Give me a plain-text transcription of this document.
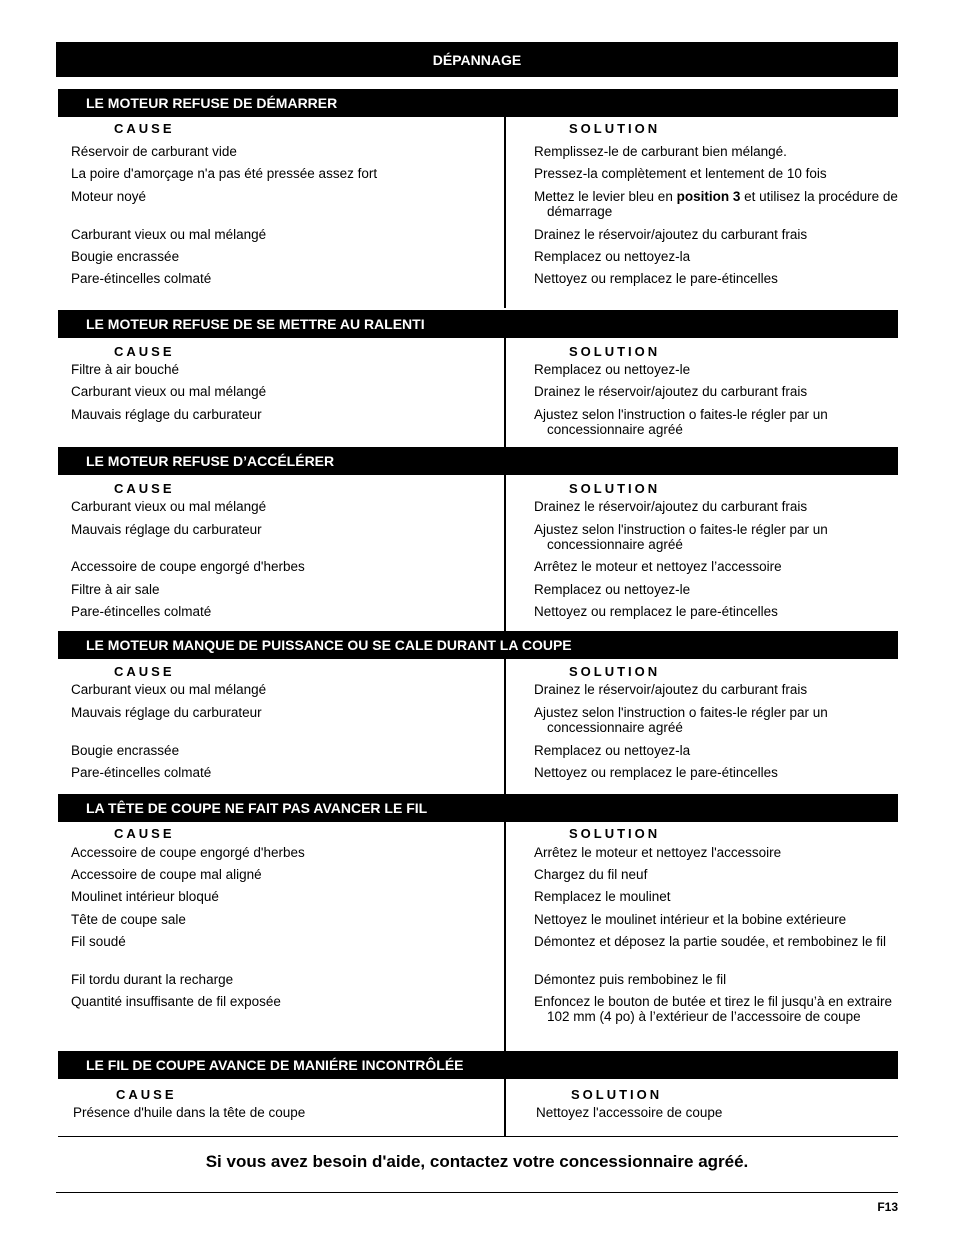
DÉPANNAGE
LE MOTEUR REFUSE DE DÉMARRER
CAUSE	SOLUTION
Réservoir de carburant vide	Remplissez-le de carburant bien mélangé.
La poire d'amorçage n'a pas été pressée assez fort	Pressez-la complètement et lentement de 10 fois
Moteur noyé	Mettez le levier bleu en position 3 et utilisez la procédure de démarrage
Carburant vieux ou mal mélangé	Drainez le réservoir/ajoutez du carburant frais
Bougie encrassée	Remplacez ou nettoyez-la
Pare-étincelles colmaté	Nettoyez ou remplacez le pare-étincelles
LE MOTEUR REFUSE DE SE METTRE AU RALENTI
CAUSE	SOLUTION
Filtre à air bouché	Remplacez ou nettoyez-le
Carburant vieux ou mal mélangé	Drainez le réservoir/ajoutez du carburant frais
Mauvais réglage du carburateur	Ajustez selon l'instruction o faites-le régler par un concessionnaire agréé
LE MOTEUR REFUSE D’ACCÉLÉRER
CAUSE	SOLUTION
Carburant vieux ou mal mélangé	Drainez le réservoir/ajoutez du carburant frais
Mauvais réglage du carburateur	Ajustez selon l'instruction o faites-le régler par un concessionnaire agréé
Accessoire de coupe engorgé d'herbes	Arrêtez le moteur et nettoyez l’accessoire
Filtre à air sale	Remplacez ou nettoyez-le
Pare-étincelles colmaté	Nettoyez ou remplacez le pare-étincelles
LE MOTEUR MANQUE DE PUISSANCE OU SE CALE DURANT LA COUPE
CAUSE	SOLUTION
Carburant vieux ou mal mélangé	Drainez le réservoir/ajoutez du carburant frais
Mauvais réglage du carburateur	Ajustez selon l'instruction o faites-le régler par un concessionnaire agréé
Bougie encrassée	Remplacez ou nettoyez-la
Pare-étincelles colmaté	Nettoyez ou remplacez le pare-étincelles
LA TÊTE DE COUPE NE FAIT PAS AVANCER LE FIL
CAUSE	SOLUTION
Accessoire de coupe engorgé d'herbes	Arrêtez le moteur et nettoyez l'accessoire
Accessoire de coupe mal aligné	Chargez du fil neuf
Moulinet intérieur bloqué	Remplacez le moulinet
Tête de coupe sale	Nettoyez le moulinet intérieur et la bobine extérieure
Fil soudé	Démontez et déposez la partie soudée, et rembobinez le fil
Fil tordu durant la recharge	Démontez puis rembobinez le fil
Quantité insuffisante de fil exposée	Enfoncez le bouton de butée et tirez le fil jusqu’à en extraire 102 mm (4 po) à l’extérieur de l’accessoire de coupe
LE FIL DE COUPE AVANCE DE MANIÉRE INCONTRÔLÉE
CAUSE	SOLUTION
Présence d'huile dans la tête de coupe	Nettoyez l'accessoire de coupe
Si vous avez besoin d'aide, contactez votre concessionnaire agréé.
F13
